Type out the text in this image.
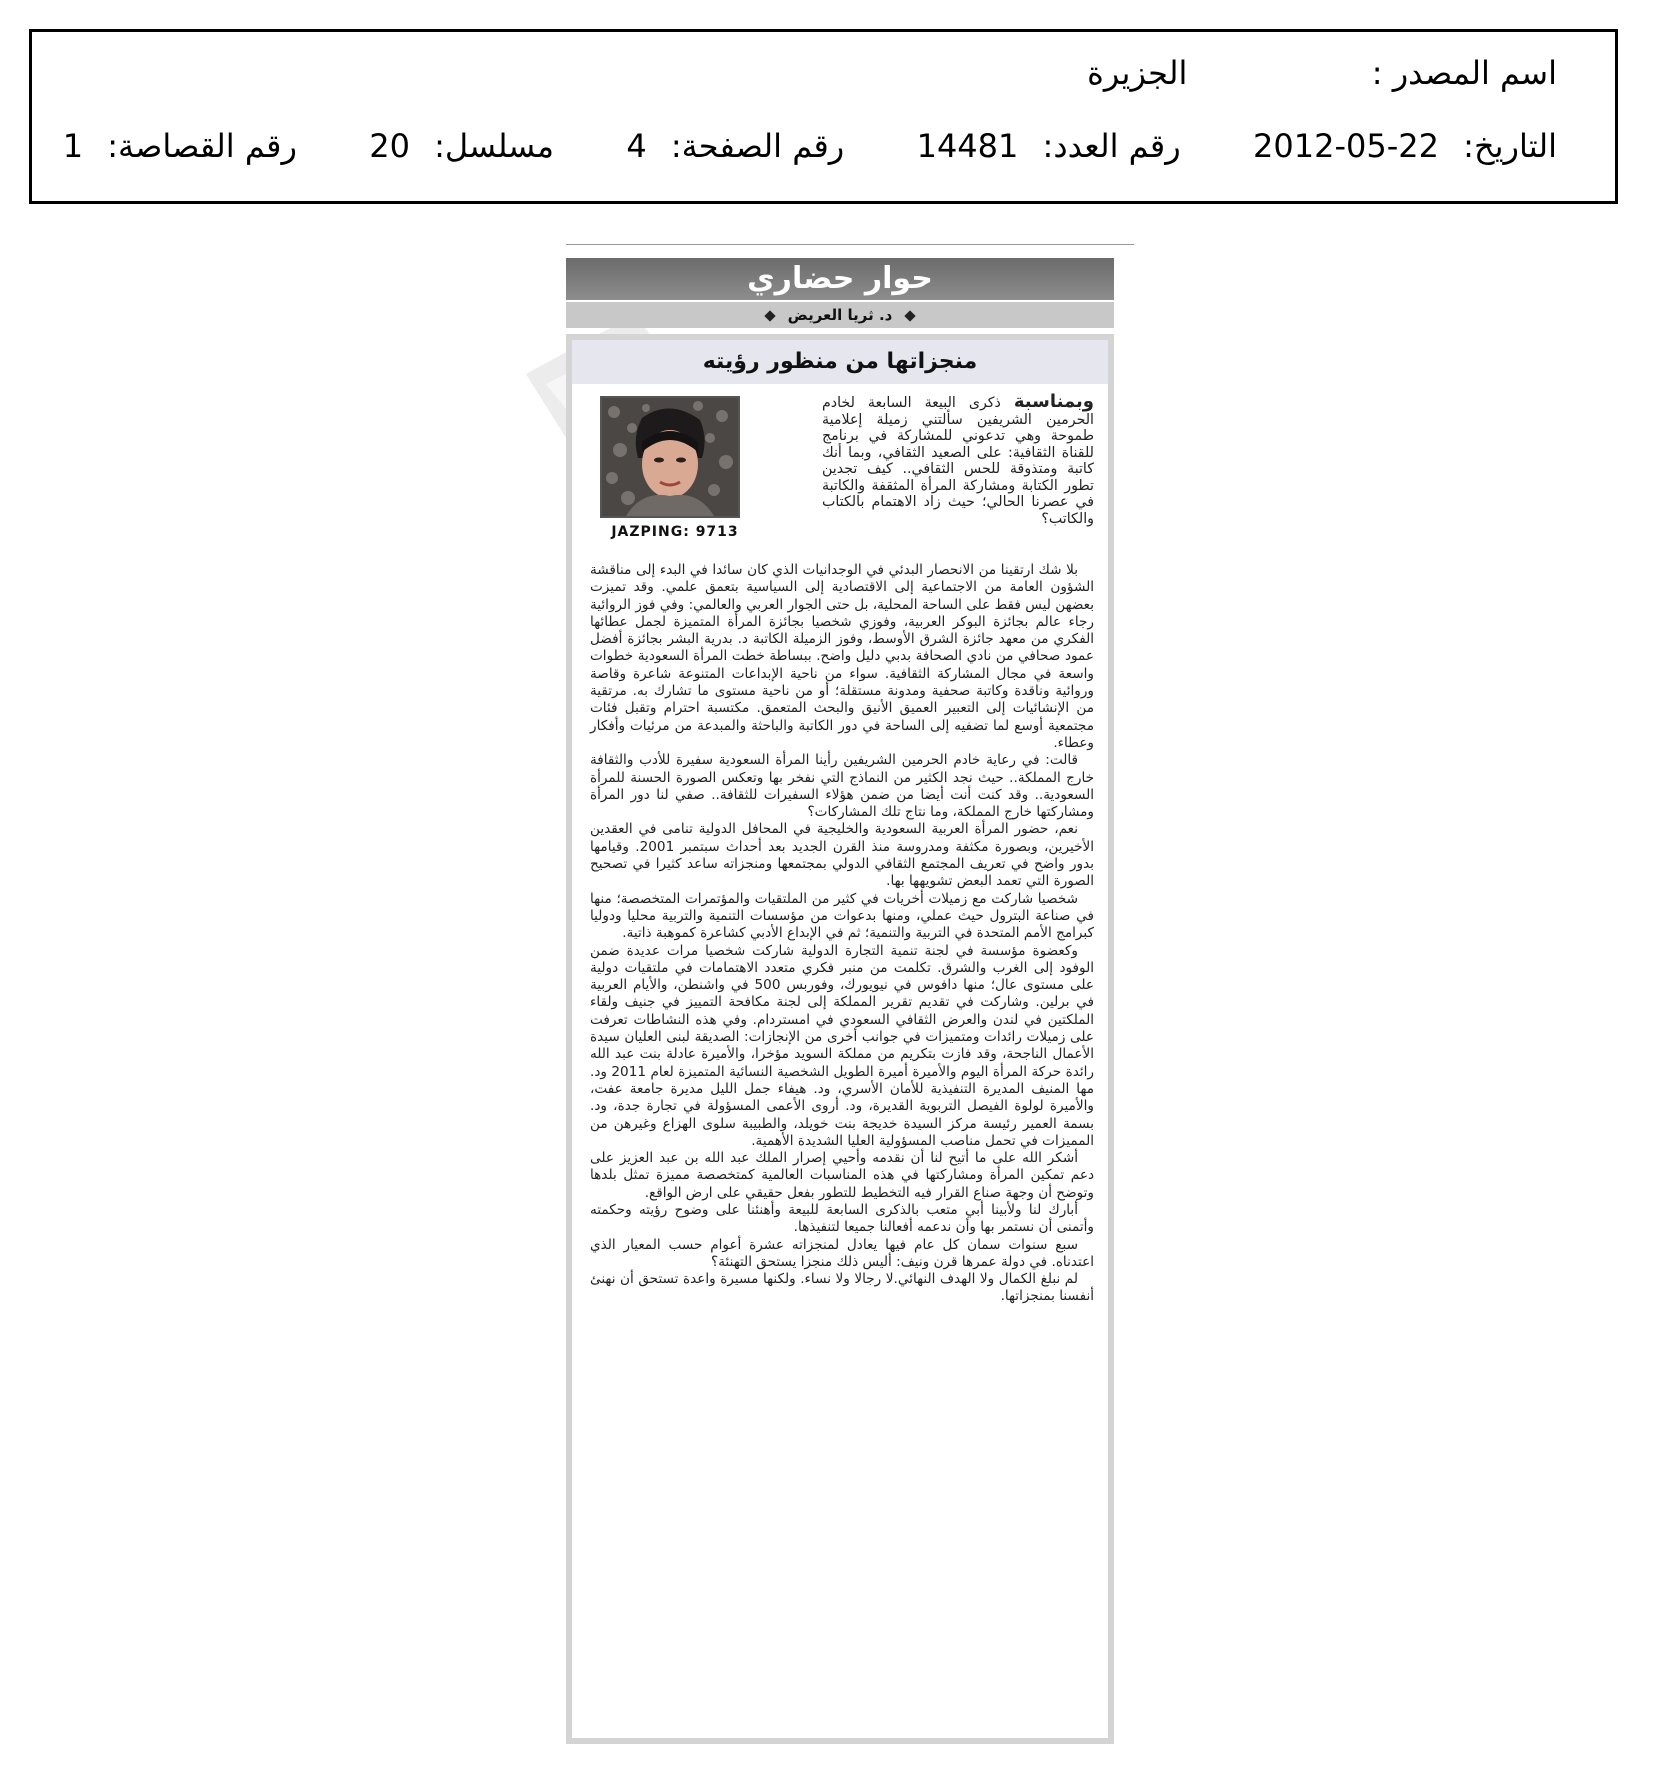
اسم المصدر :  الجزيرة
التاريخ: 2012-05-22  رقم العدد: 14481  رقم الصفحة: 4  مسلسل: 20  رقم القصاصة: 1
حوار حضاري
د. ثريا العريض
منجزاتها من منظور رؤيته
JAZPING: 9713
وبمناسبة ذكرى البيعة السابعة لخادم الحرمين الشريفين سألتني زميلة إعلامية طموحة وهي تدعوني للمشاركة في برنامج للقناة الثقافية: على الصعيد الثقافي، وبما أنك كاتبة ومتذوقة للحس الثقافي.. كيف تجدين تطور الكتابة ومشاركة المرأة المثقفة والكاتبة في عصرنا الحالي؛ حيث زاد الاهتمام بالكتاب والكاتب؟

بلا شك ارتقينا من الانحصار البدئي في الوجدانيات الذي كان سائدا في البدء إلى مناقشة الشؤون العامة من الاجتماعية إلى الاقتصادية إلى السياسية بتعمق علمي. وقد تميزت بعضهن ليس فقط على الساحة المحلية، بل حتى الجوار العربي والعالمي: وفي فوز الروائية رجاء عالم بجائزة البوكر العربية، وفوزي شخصيا بجائزة المرأة المتميزة لجمل عطائها الفكري من معهد جائزة الشرق الأوسط، وفوز الزميلة الكاتبة د. بدرية البشر بجائزة أفضل عمود صحافي من نادي الصحافة بدبي دليل واضح. ببساطة خطت المرأة السعودية خطوات واسعة في مجال المشاركة الثقافية. سواء من ناحية الإبداعات المتنوعة شاعرة وقاصة وروائية وناقدة وكاتبة صحفية ومدونة مستقلة؛ أو من ناحية مستوى ما تشارك به. مرتقية من الإنشائيات إلى التعبير العميق الأنيق والبحث المتعمق. مكتسبة احترام وتقبل فئات مجتمعية أوسع لما تضفيه إلى الساحة في دور الكاتبة والباحثة والمبدعة من مرئيات وأفكار وعطاء.

قالت: في رعاية خادم الحرمين الشريفين رأينا المرأة السعودية سفيرة للأدب والثقافة خارج المملكة.. حيث نجد الكثير من النماذج التي نفخر بها وتعكس الصورة الحسنة للمرأة السعودية.. وقد كنت أنت أيضا من ضمن هؤلاء السفيرات للثقافة.. صفي لنا دور المرأة ومشاركتها خارج المملكة، وما نتاج تلك المشاركات؟

نعم، حضور المرأة العربية السعودية والخليجية في المحافل الدولية تنامى في العقدين الأخيرين، وبصورة مكثفة ومدروسة منذ القرن الجديد بعد أحداث سبتمبر 2001. وقيامها بدور واضح في تعريف المجتمع الثقافي الدولي بمجتمعها ومنجزاته ساعد كثيرا في تصحيح الصورة التي تعمد البعض تشويهها بها.

شخصيا شاركت مع زميلات أخريات في كثير من الملتقيات والمؤتمرات المتخصصة؛ منها في صناعة البترول حيث عملي، ومنها بدعوات من مؤسسات التنمية والتربية محليا ودوليا كبرامج الأمم المتحدة في التربية والتنمية؛ ثم في الإبداع الأدبي كشاعرة كموهبة ذاتية.

وكعضوة مؤسسة في لجنة تنمية التجارة الدولية شاركت شخصيا مرات عديدة ضمن الوفود إلى الغرب والشرق. تكلمت من منبر فكري متعدد الاهتمامات في ملتقيات دولية على مستوى عال؛ منها دافوس في نيويورك، وفوربس 500 في واشنطن، والأيام العربية في برلين. وشاركت في تقديم تقرير المملكة إلى لجنة مكافحة التمييز في جنيف ولقاء الملكتين في لندن والعرض الثقافي السعودي في امستردام. وفي هذه النشاطات تعرفت على زميلات رائدات ومتميزات في جوانب أخرى من الإنجازات: الصديقة لبنى العليان سيدة الأعمال الناجحة، وقد فازت بتكريم من مملكة السويد مؤخرا، والأميرة عادلة بنت عبد الله رائدة حركة المرأة اليوم والأميرة أميرة الطويل الشخصية النسائية المتميزة لعام 2011 ود. مها المنيف المديرة التنفيذية للأمان الأسري، ود. هيفاء جمل الليل مديرة جامعة عفت، والأميرة لولوة الفيصل التربوية القديرة، ود. أروى الأعمى المسؤولة في تجارة جدة، ود. بسمة العمير رئيسة مركز السيدة خديجة بنت خويلد، والطبيبة سلوى الهزاع وغيرهن من المميزات في تحمل مناصب المسؤولية العليا الشديدة الأهمية.

أشكر الله على ما أتيح لنا أن نقدمه وأحيي إصرار الملك عبد الله بن عبد العزيز على دعم تمكين المرأة ومشاركتها في هذه المناسبات العالمية كمتخصصة مميزة تمثل بلدها وتوضح أن وجهة صناع القرار فيه التخطيط للتطور بفعل حقيقي على ارض الواقع.

أبارك لنا ولأبينا أبي متعب بالذكرى السابعة للبيعة وأهنئنا على وضوح رؤيته وحكمته وأتمنى أن نستمر بها وأن ندعمه أفعالنا جميعا لتنفيذها.

سبع سنوات سمان كل عام فيها يعادل لمنجزاته عشرة أعوام حسب المعيار الذي اعتدناه. في دولة عمرها قرن ونيف: أليس ذلك منجزا يستحق التهنئة؟

لم نبلغ الكمال ولا الهدف النهائي.لا رجالا ولا نساء. ولكنها مسيرة واعدة تستحق أن نهنئ أنفسنا بمنجزاتها.
